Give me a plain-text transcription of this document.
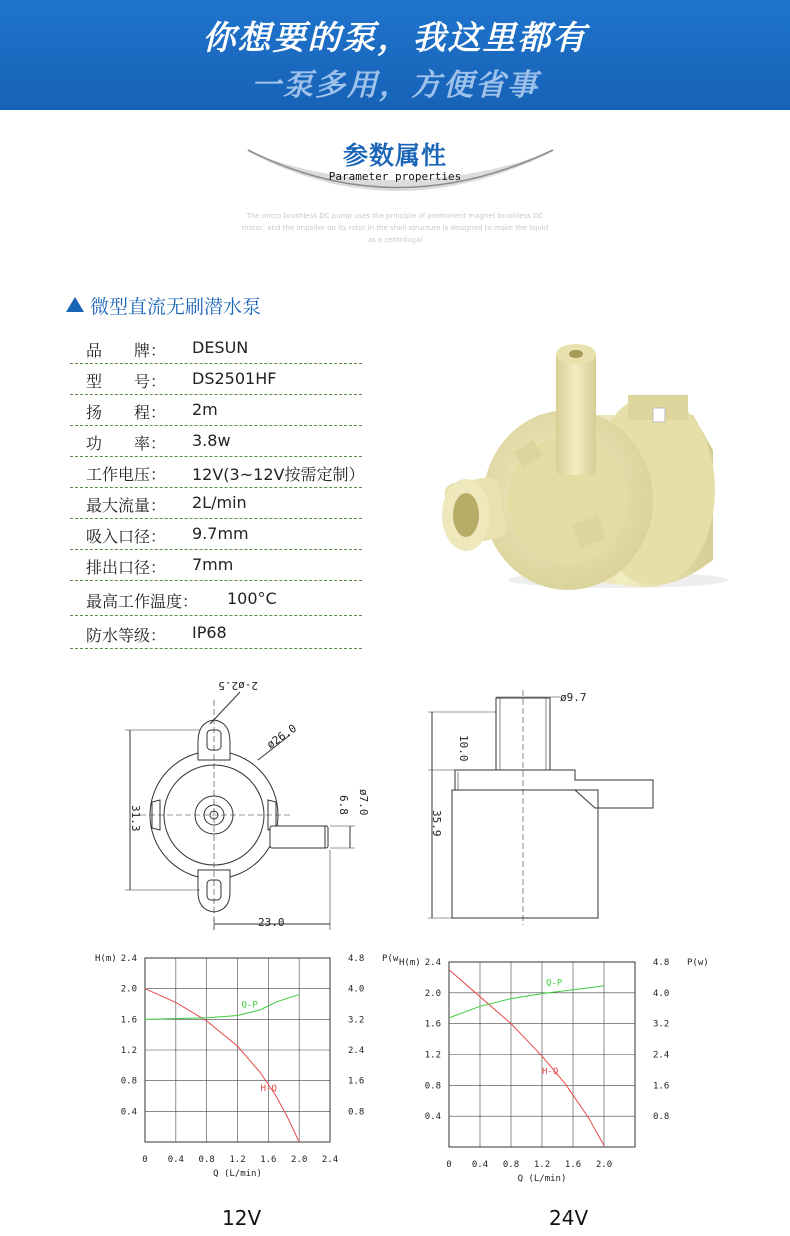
你想要的泵，我这里都有
一泵多用，方便省事
参数属性
Parameter properties
The micro brushless DC pump uses the principle of permanent magnet brushless DC motor, and the impeller on its rotor,in the shell structure is designed to make the liquid as a centrifugal
微型直流无刷潜水泵
品　　牌： DESUN
型　　号： DS2501HF
扬　　程： 2m
功　　率： 3.8w
工作电压： 12V(3~12V按需定制）
最大流量： 2L/min
吸入口径： 9.7mm
排出口径： 7mm
最高工作温度： 100°C
防水等级： IP68
2-ø2.5
ø26.0
ø7.0
6.8
31.3
23.0
ø9.7
10.0
35.9
0 0.4 0.8 1.2 1.6 2.0 2.4
0.4
0.8
1.2
1.6
2.0
2.4
0.8
1.6
2.4
3.2
4.0
4.8
H(m)	P(w
Q (L/min)
H-Q
Q-P
0 0.4 0.8 1.2 1.6 2.0
0.4
0.8
1.2
1.6
2.0
2.4
0.8
1.6
2.4
3.2
4.0
4.8
H(m)	P(w)
Q (L/min)
H-Q
Q-P
12V	24V
